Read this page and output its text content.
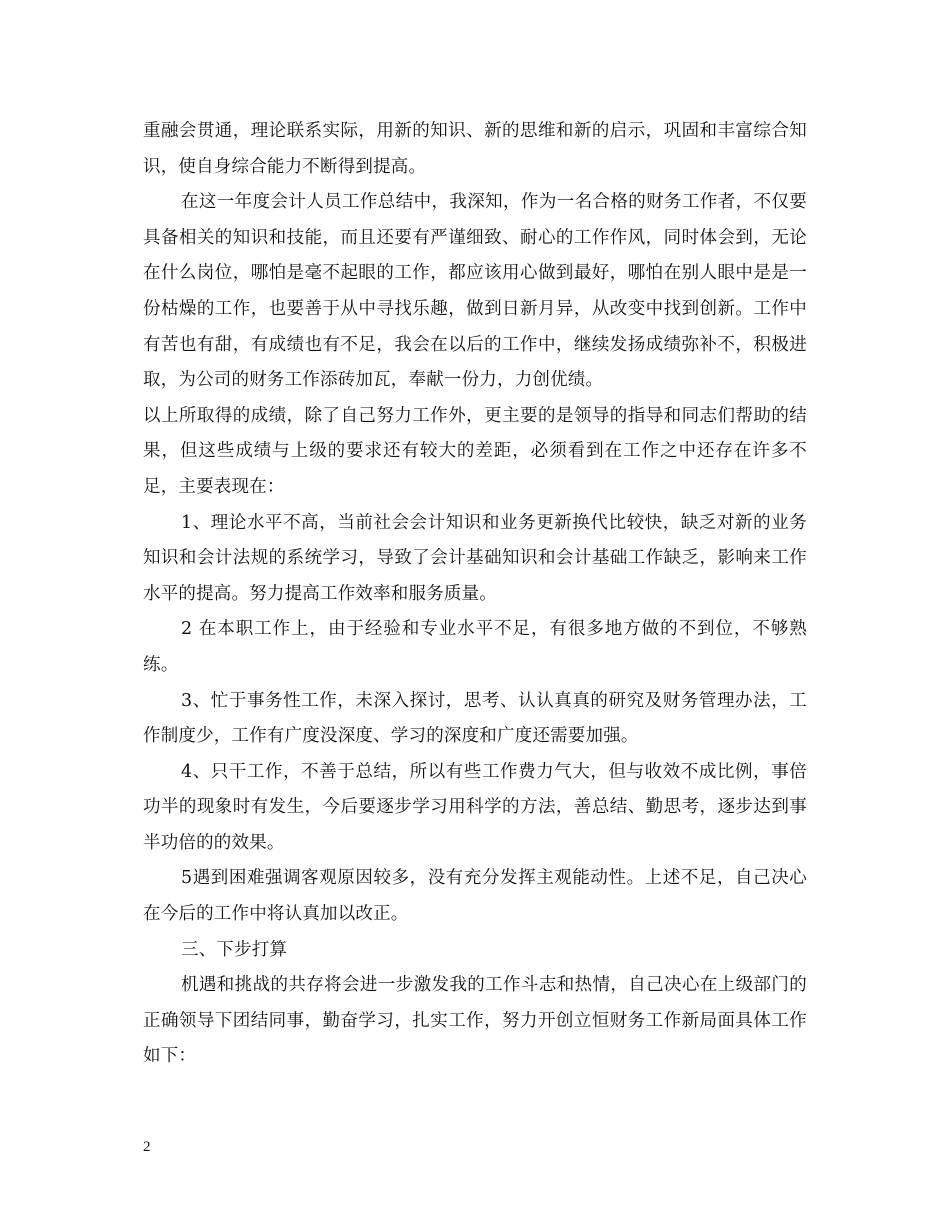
重融会贯通，理论联系实际，用新的知识、新的思维和新的启示，巩固和丰富综合知识，使自身综合能力不断得到提高。

在这一年度会计人员工作总结中，我深知，作为一名合格的财务工作者，不仅要具备相关的知识和技能，而且还要有严谨细致、耐心的工作作风，同时体会到，无论在什么岗位，哪怕是毫不起眼的工作，都应该用心做到最好，哪怕在别人眼中是是一份枯燥的工作，也要善于从中寻找乐趣，做到日新月异，从改变中找到创新。工作中有苦也有甜，有成绩也有不足，我会在以后的工作中，继续发扬成绩弥补不，积极进取，为公司的财务工作添砖加瓦，奉献一份力，力创优绩。

以上所取得的成绩，除了自己努力工作外，更主要的是领导的指导和同志们帮助的结果，但这些成绩与上级的要求还有较大的差距，必须看到在工作之中还存在许多不足，主要表现在：

1、理论水平不高，当前社会会计知识和业务更新换代比较快，缺乏对新的业务知识和会计法规的系统学习，导致了会计基础知识和会计基础工作缺乏，影响来工作水平的提高。努力提高工作效率和服务质量。

2 在本职工作上，由于经验和专业水平不足，有很多地方做的不到位，不够熟练。

3、忙于事务性工作，未深入探讨，思考、认认真真的研究及财务管理办法，工作制度少，工作有广度没深度、学习的深度和广度还需要加强。

4、只干工作，不善于总结，所以有些工作费力气大，但与收效不成比例，事倍功半的现象时有发生，今后要逐步学习用科学的方法，善总结、勤思考，逐步达到事半功倍的的效果。

5遇到困难强调客观原因较多，没有充分发挥主观能动性。上述不足，自己决心在今后的工作中将认真加以改正。

三、下步打算

机遇和挑战的共存将会进一步激发我的工作斗志和热情，自己决心在上级部门的正确领导下团结同事，勤奋学习，扎实工作，努力开创立恒财务工作新局面具体工作如下：

2
